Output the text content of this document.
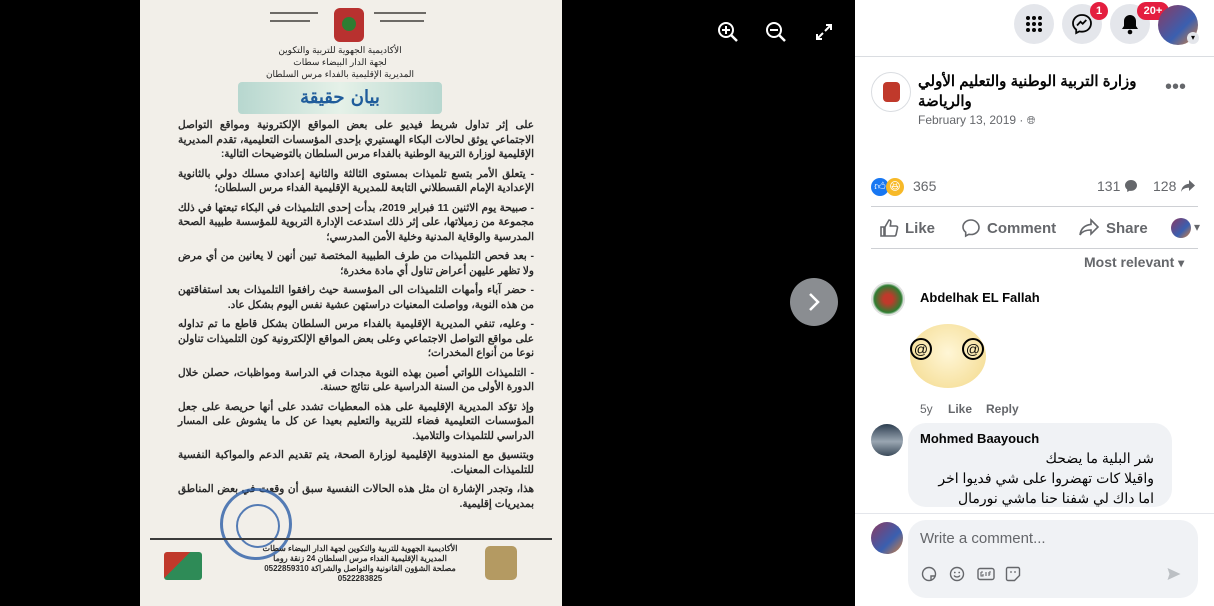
الأكاديمية الجهوية للتربية والتكوين
لجهة الدار البيضاء سطات
المديرية الإقليمية بالفداء مرس السلطان
بيان حقيقة

على إثر تداول شريط فيديو على بعض المواقع الإلكترونية ومواقع التواصل الاجتماعي يوثق لحالات البكاء الهستيري بإحدى المؤسسات التعليمية، تقدم المديرية الإقليمية لوزارة التربية الوطنية بالفداء مرس السلطان بالتوضيحات التالية:

- يتعلق الأمر بتسع تلميذات بمستوى الثالثة والثانية إعدادي مسلك دولي بالثانوية الإعدادية الإمام القسطلاني التابعة للمديرية الإقليمية الفداء مرس السلطان؛

- صبيحة يوم الاثنين 11 فبراير 2019، بدأت إحدى التلميذات في البكاء تبعتها في ذلك مجموعة من زميلاتها، على إثر ذلك استدعت الإدارة التربوية للمؤسسة طبيبة الصحة المدرسية والوقاية المدنية وخلية الأمن المدرسي؛

- بعد فحص التلميذات من طرف الطبيبة المختصة تبين أنهن لا يعانين من أي مرض ولا تظهر عليهن أعراض تناول أي مادة مخدرة؛

- حضر آباء وأمهات التلميذات الى المؤسسة حيث رافقوا التلميذات بعد استفاقتهن من هذه النوبة، وواصلت المعنيات دراستهن عشية نفس اليوم بشكل عاد.

- وعليه، تنفي المديرية الإقليمية بالفداء مرس السلطان بشكل قاطع ما تم تداوله على مواقع التواصل الاجتماعي وعلى بعض المواقع الإلكترونية كون التلميذات تناولن نوعا من أنواع المخدرات؛

- التلميذات اللواتي أصبن بهذه النوبة مجدات في الدراسة ومواظبات، حصلن خلال الدورة الأولى من السنة الدراسية على نتائج حسنة.

وإذ تؤكد المديرية الإقليمية على هذه المعطيات تشدد على أنها حريصة على جعل المؤسسات التعليمية فضاء للتربية والتعليم بعيدا عن كل ما يشوش على المسار الدراسي للتلميذات والتلاميذ.

وبتنسيق مع المندوبية الإقليمية لوزارة الصحة، يتم تقديم الدعم والمواكبة النفسية للتلميذات المعنيات.

هذا، وتجدر الإشارة ان مثل هذه الحالات النفسية سبق أن وقعت في بعض المناطق بمديريات إقليمية.

الأكاديمية الجهوية للتربية والتكوين لجهة الدار البيضاء سطات
المديرية الإقليمية الفداء مرس السلطان 24 زنقة روما
مصلحة الشؤون القانونية والتواصل والشراكة 0522859310 0522283825
1	20+
▾
وزارة التربية الوطنية والتعليم الأولي والرياضة
February 13, 2019 · 🌐︎
•••
👍︎ 😆︎ 365	131	128
Like	Comment	Share	▾
Most relevant ▾
Abdelhak EL Fallah
@	@
5y Like Reply
Mohmed Baayouch
شر البلية ما يضحك
واقيلا كات تهضروا على شي فديوا اخر
اما داك لي شفنا حنا ماشي نورمال
Write a comment...
